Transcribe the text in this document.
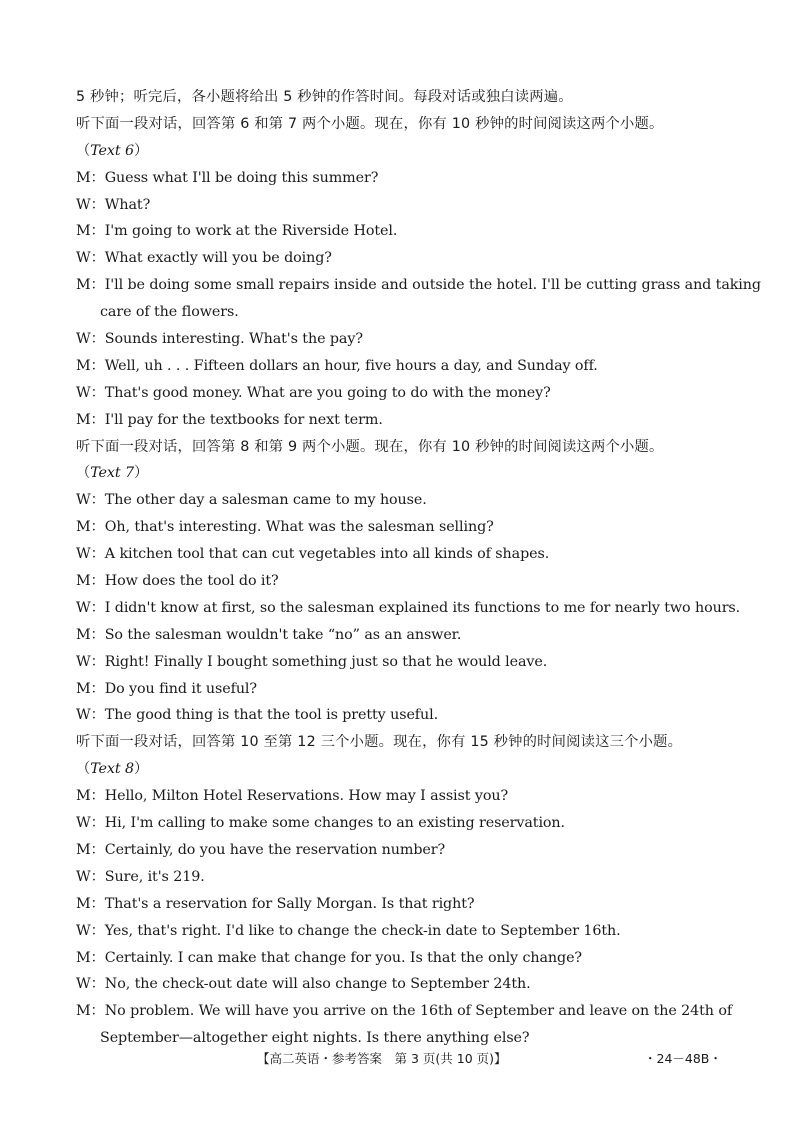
5 秒钟；听完后，各小题将给出 5 秒钟的作答时间。每段对话或独白读两遍。
听下面一段对话，回答第 6 和第 7 两个小题。现在，你有 10 秒钟的时间阅读这两个小题。
（Text 6）
M：Guess what I'll be doing this summer?
W：What?
M：I'm going to work at the Riverside Hotel.
W：What exactly will you be doing?
M：I'll be doing some small repairs inside and outside the hotel. I'll be cutting grass and taking
care of the flowers.
W：Sounds interesting. What's the pay?
M：Well, uh . . . Fifteen dollars an hour, five hours a day, and Sunday off.
W：That's good money. What are you going to do with the money?
M：I'll pay for the textbooks for next term.
听下面一段对话，回答第 8 和第 9 两个小题。现在，你有 10 秒钟的时间阅读这两个小题。
（Text 7）
W：The other day a salesman came to my house.
M：Oh, that's interesting. What was the salesman selling?
W：A kitchen tool that can cut vegetables into all kinds of shapes.
M：How does the tool do it?
W：I didn't know at first, so the salesman explained its functions to me for nearly two hours.
M：So the salesman wouldn't take “no” as an answer.
W：Right! Finally I bought something just so that he would leave.
M：Do you find it useful?
W：The good thing is that the tool is pretty useful.
听下面一段对话，回答第 10 至第 12 三个小题。现在，你有 15 秒钟的时间阅读这三个小题。
（Text 8）
M：Hello, Milton Hotel Reservations. How may I assist you?
W：Hi, I'm calling to make some changes to an existing reservation.
M：Certainly, do you have the reservation number?
W：Sure, it's 219.
M：That's a reservation for Sally Morgan. Is that right?
W：Yes, that's right. I'd like to change the check-in date to September 16th.
M：Certainly. I can make that change for you. Is that the only change?
W：No, the check-out date will also change to September 24th.
M：No problem. We will have you arrive on the 16th of September and leave on the 24th of
September—altogether eight nights. Is there anything else?
【高二英语・参考答案　第 3 页(共 10 页)】	・24－48B・
